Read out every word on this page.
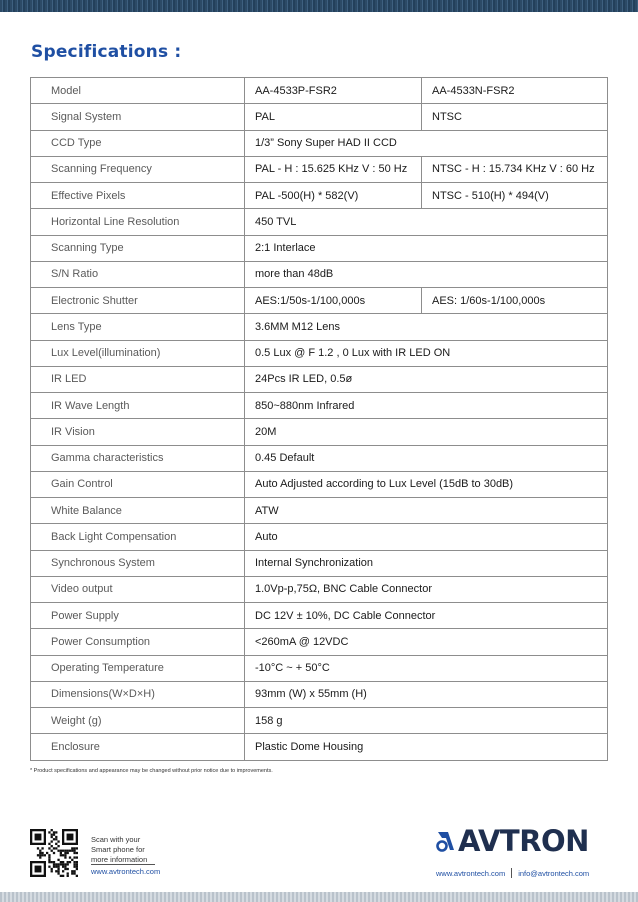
Specifications :
Model	AA-4533P-FSR2	AA-4533N-FSR2
Signal System	PAL	NTSC
CCD Type	1/3” Sony Super HAD II CCD	
Scanning Frequency	PAL - H : 15.625 KHz V : 50 Hz	NTSC - H : 15.734 KHz V : 60 Hz
Effective Pixels	PAL -500(H) * 582(V)	NTSC - 510(H) * 494(V)
Horizontal Line Resolution	450 TVL	
Scanning Type	2:1 Interlace	
S/N Ratio	more than 48dB	
Electronic Shutter	AES:1/50s-1/100,000s	AES: 1/60s-1/100,000s
Lens Type	3.6MM M12 Lens	
Lux Level(illumination)	0.5 Lux @ F 1.2 , 0 Lux with IR LED ON	
IR LED	24Pcs IR LED, 0.5ø	
IR Wave Length	850~880nm Infrared	
IR Vision	20M	
Gamma characteristics	0.45 Default	
Gain Control	Auto Adjusted according to Lux Level (15dB to 30dB)	
White Balance	ATW	
Back Light Compensation	Auto	
Synchronous System	Internal Synchronization	
Video output	1.0Vp-p,75Ω, BNC Cable Connector	
Power Supply	DC 12V ± 10%, DC Cable Connector	
Power Consumption	<260mA @ 12VDC	
Operating Temperature	-10°C ~ + 50°C	
Dimensions(W×D×H)	93mm (W) x 55mm (H)	
Weight (g)	158 g	
Enclosure	Plastic Dome Housing	
* Product specifications and appearance may be changed without prior notice due to improvements.
Scan with your
Smart phone for
more information
www.avtrontech.com
AVTRON
www.avtrontech.com info@avtrontech.com
